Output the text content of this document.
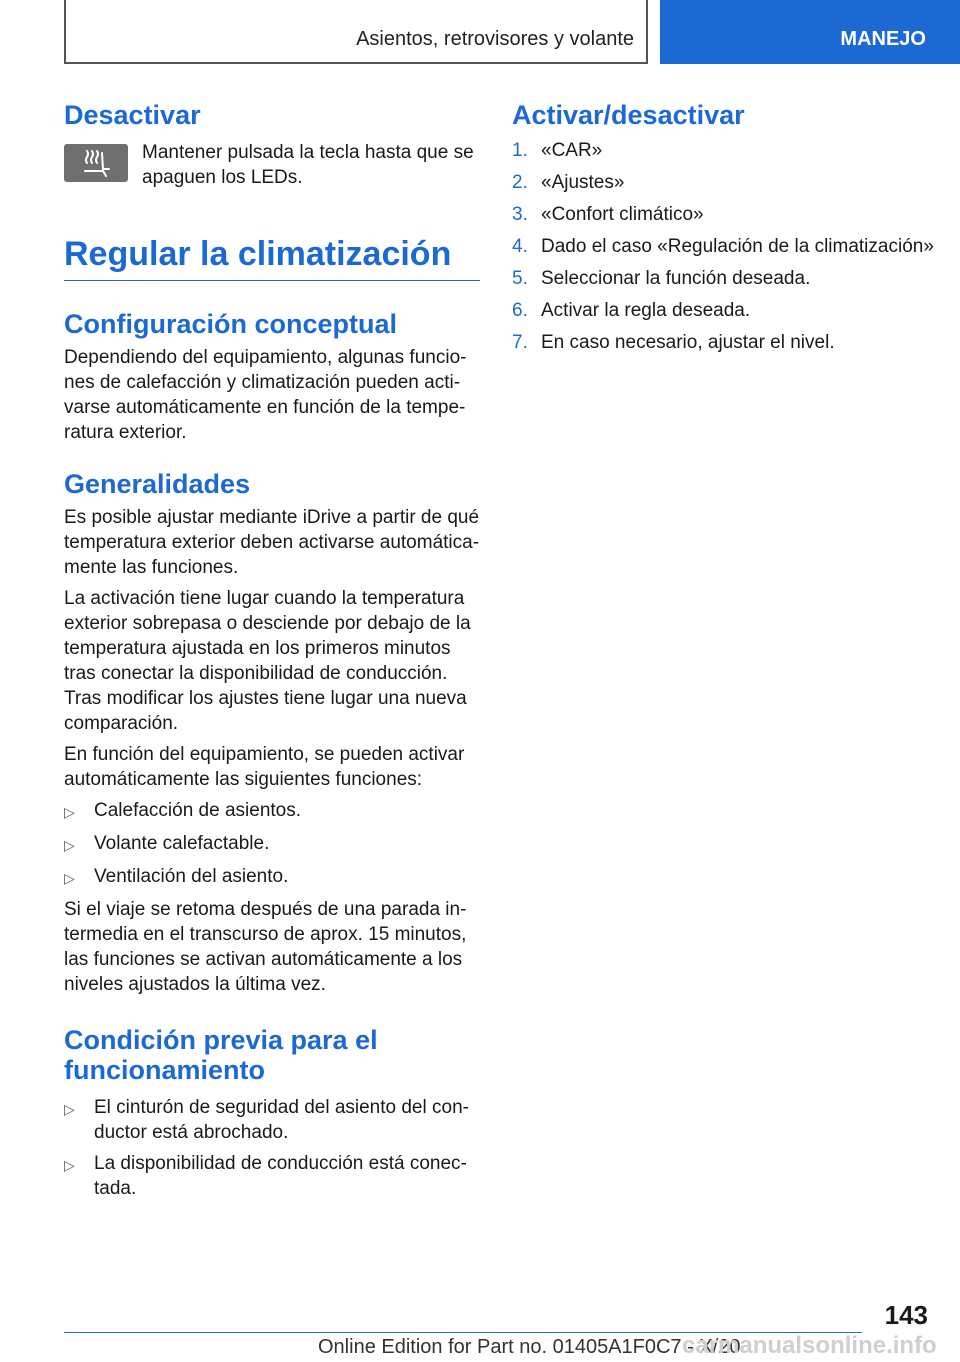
Asientos, retrovisores y volante	MANEJO
Desactivar

Mantener pulsada la tecla hasta que se apaguen los LEDs.

Regular la climatización
Configuración conceptual

Dependiendo del equipamiento, algunas funciones de calefacción y climatización pueden activarse automáticamente en función de la temperatura exterior.

Generalidades

Es posible ajustar mediante iDrive a partir de qué temperatura exterior deben activarse automáticamente las funciones.

La activación tiene lugar cuando la temperatura exterior sobrepasa o desciende por debajo de la temperatura ajustada en los primeros minutos tras conectar la disponibilidad de conducción. Tras modificar los ajustes tiene lugar una nueva comparación.

En función del equipamiento, se pueden activar automáticamente las siguientes funciones:

▷	Calefacción de asientos.
▷	Volante calefactable.
▷	Ventilación del asiento.

Si el viaje se retoma después de una parada intermedia en el transcurso de aprox. 15 minutos, las funciones se activan automáticamente a los niveles ajustados la última vez.

Condición previa para el funcionamiento
▷	El cinturón de seguridad del asiento del conductor está abrochado.
▷	La disponibilidad de conducción está conectada.
Activar/desactivar
1. «CAR»
2. «Ajustes»
3. «Confort climático»
4. Dado el caso «Regulación de la climatización»
5. Seleccionar la función deseada.
6. Activar la regla deseada.
7. En caso necesario, ajustar el nivel.
143
Online Edition for Part no. 01405A1F0C7 - X/20
carmanualsonline.info
